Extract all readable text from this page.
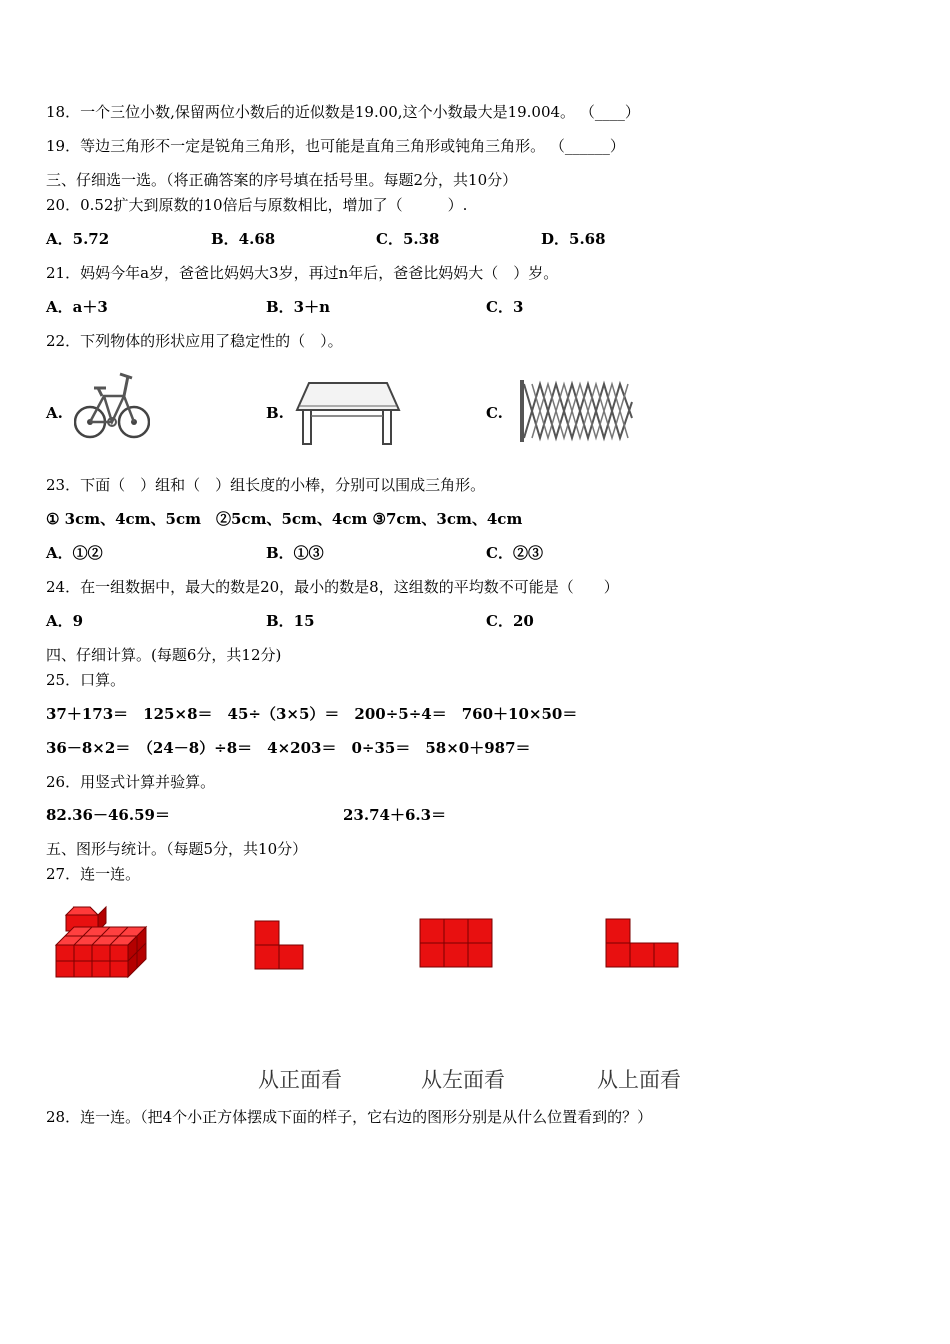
18．一个三位小数,保留两位小数后的近似数是19.00,这个小数最大是19.004。 （____）
19．等边三角形不一定是锐角三角形，也可能是直角三角形或钝角三角形。 （______）
三、仔细选一选。（将正确答案的序号填在括号里。每题2分，共10分）
20．0.52扩大到原数的10倍后与原数相比，增加了（　　　）.
A．5.72	B．4.68	C．5.38	D．5.68
21．妈妈今年a岁，爸爸比妈妈大3岁，再过n年后，爸爸比妈妈大（　）岁。
A．a＋3	B．3＋n	C．3
22．下列物体的形状应用了稳定性的（　）。
A.	B.	C.
23．下面（　）组和（　）组长度的小棒，分别可以围成三角形。
① 3cm、4cm、5cm　②5cm、5cm、4cm ③7cm、3cm、4cm
A．①②	B．①③	C．②③
24．在一组数据中，最大的数是20，最小的数是8，这组数的平均数不可能是（　　）
A．9	B．15	C．20
四、仔细计算。(每题6分，共12分)
25．口算。
37＋173＝　125×8＝　45÷（3×5）＝　200÷5÷4＝　760＋10×50＝
36－8×2＝　（24－8）÷8＝　4×203＝　0÷35＝　58×0＋987＝
26．用竖式计算并验算。
82.36－46.59＝	23.74＋6.3＝
五、图形与统计。（每题5分，共10分）
27．连一连。
从正面看	从左面看	从上面看
28．连一连。（把4个小正方体摆成下面的样子，它右边的图形分别是从什么位置看到的？）
